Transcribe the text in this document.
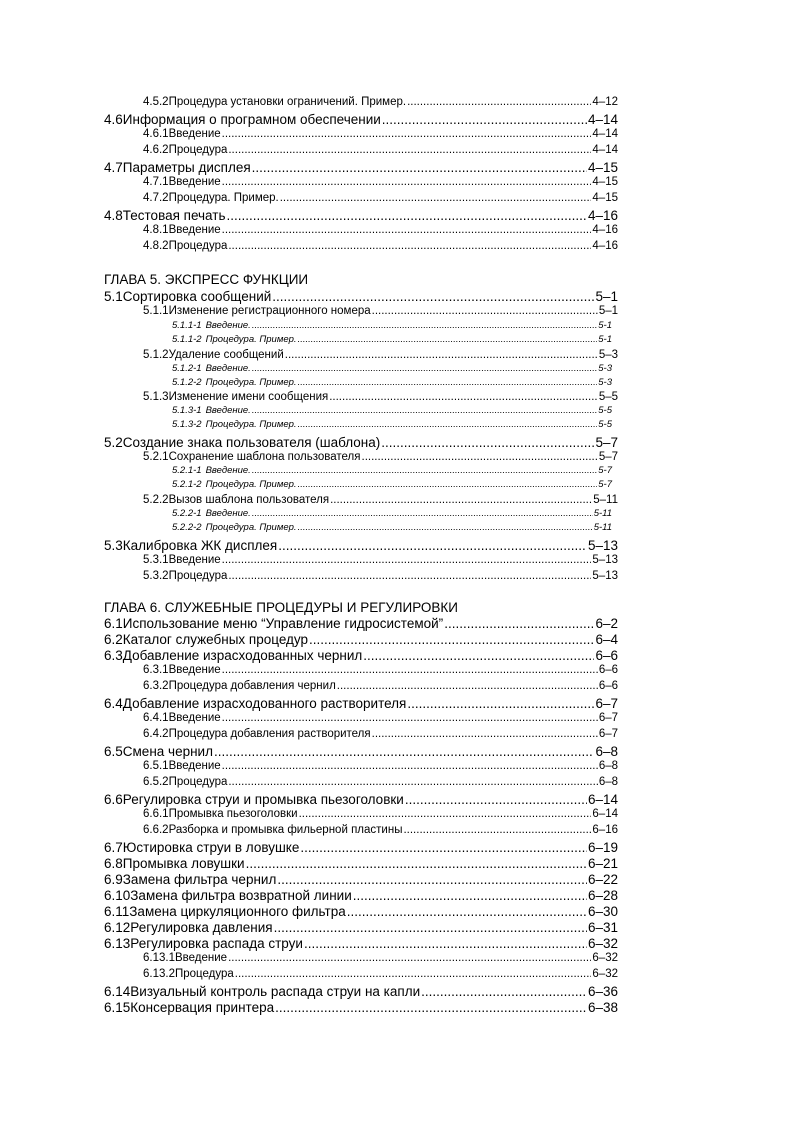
4.5.2 Процедура установки ограничений. Пример. .....	4–12
4.6 Информация о програмном обеспечении .....	4–14
4.6.1 Введение .....	4–14
4.6.2 Процедура .....	4–14
4.7 Параметры дисплея .....	4–15
4.7.1 Введение .....	4–15
4.7.2 Процедура. Пример. .....	4–15
4.8 Тестовая печать .....	4–16
4.8.1 Введение .....	4–16
4.8.2 Процедура .....	4–16
ГЛАВА 5. ЭКСПРЕСС ФУНКЦИИ
5.1 Сортировка сообщений .....	5–1
5.1.1 Изменение регистрационного номера .....	5–1
5.1.1-1 Введение. .....	5-1
5.1.1-2 Процедура. Пример. .....	5-1
5.1.2 Удаление сообщений .....	5–3
5.1.2-1 Введение. .....	5-3
5.1.2-2 Процедура. Пример. .....	5-3
5.1.3 Изменение имени сообщения .....	5–5
5.1.3-1 Введение. .....	5-5
5.1.3-2 Процедура. Пример. .....	5-5
5.2 Создание знака пользователя (шаблона) .....	5–7
5.2.1 Сохранение шаблона пользователя .....	5–7
5.2.1-1 Введение. .....	5-7
5.2.1-2 Процедура. Пример. .....	5-7
5.2.2 Вызов шаблона пользователя .....	5–11
5.2.2-1 Введение. .....	5-11
5.2.2-2 Процедура. Пример. .....	5-11
5.3 Калибровка ЖК дисплея .....	5–13
5.3.1 Введение .....	5–13
5.3.2 Процедура .....	5–13
ГЛАВА 6. СЛУЖЕБНЫЕ ПРОЦЕДУРЫ И РЕГУЛИРОВКИ
6.1 Использование меню “Управление гидросистемой” .....	6–2
6.2 Каталог служебных процедур .....	6–4
6.3 Добавление израсходованных чернил .....	6–6
6.3.1 Введение .....	6–6
6.3.2 Процедура добавления чернил .....	6–6
6.4 Добавление израсходованного растворителя .....	6–7
6.4.1 Введение .....	6–7
6.4.2 Процедура добавления растворителя .....	6–7
6.5 Смена чернил .....	6–8
6.5.1 Введение .....	6–8
6.5.2 Процедура .....	6–8
6.6 Регулировка струи и промывка пьезоголовки .....	6–14
6.6.1 Промывка пьезоголовки .....	6–14
6.6.2 Разборка и промывка фильерной пластины .....	6–16
6.7 Юстировка струи в ловушке .....	6–19
6.8 Промывка ловушки .....	6–21
6.9 Замена фильтра чернил .....	6–22
6.10 Замена фильтра возвратной линии .....	6–28
6.11 Замена циркуляционного фильтра .....	6–30
6.12 Регулировка давления .....	6–31
6.13 Регулировка распада струи .....	6–32
6.13.1 Введение .....	6–32
6.13.2 Процедура .....	6–32
6.14 Визуальный контроль распада струи на капли .....	6–36
6.15 Консервация принтера .....	6–38
